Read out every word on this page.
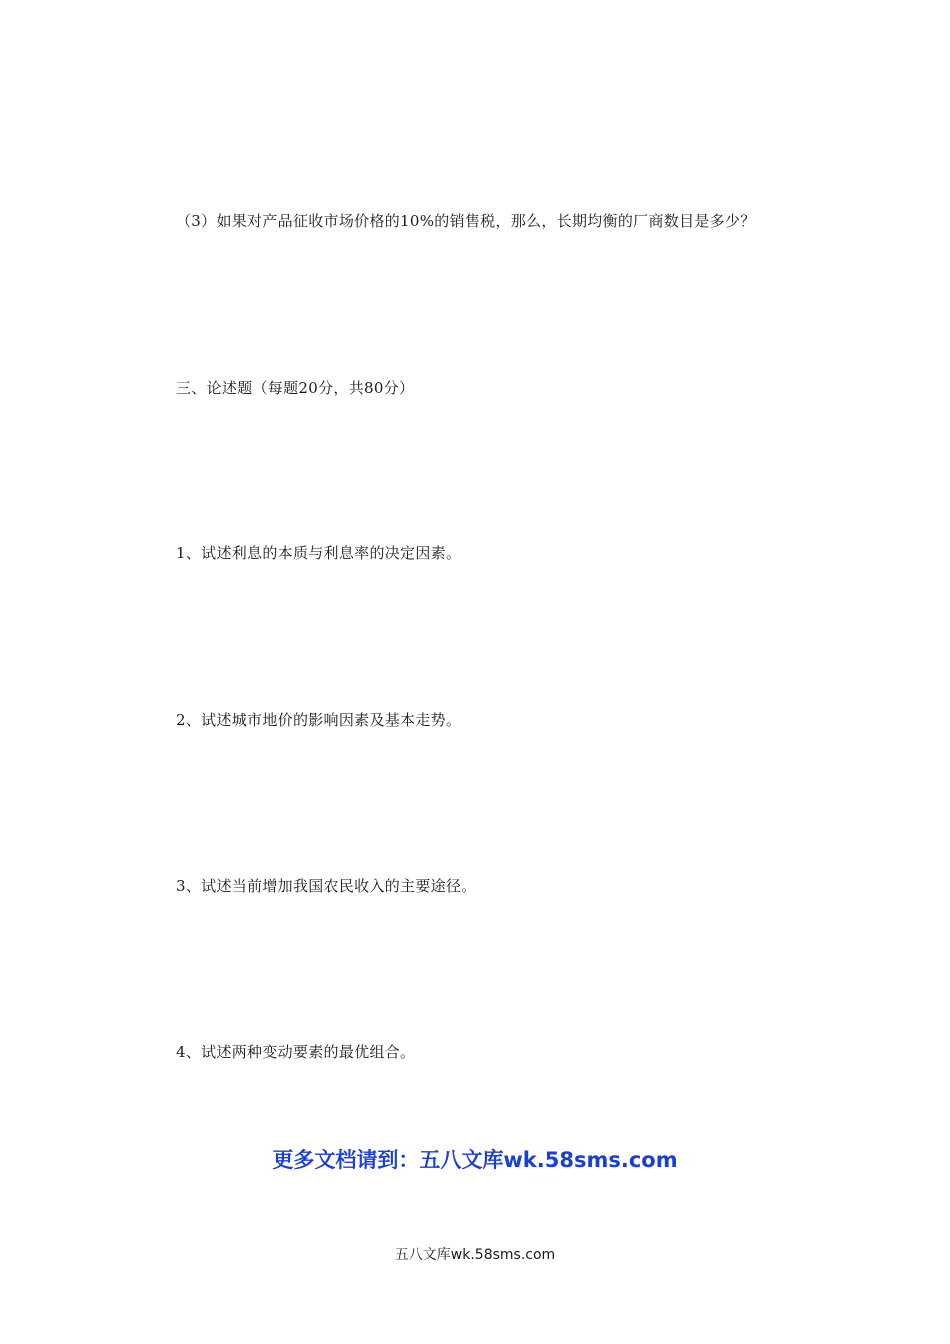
（3）如果对产品征收市场价格的10%的销售税，那么，长期均衡的厂商数目是多少？
三、论述题（每题20分，共80分）
1、试述利息的本质与利息率的决定因素。
2、试述城市地价的影响因素及基本走势。
3、试述当前增加我国农民收入的主要途径。
4、试述两种变动要素的最优组合。
更多文档请到：五八文库wk.58sms.com
五八文库wk.58sms.com
